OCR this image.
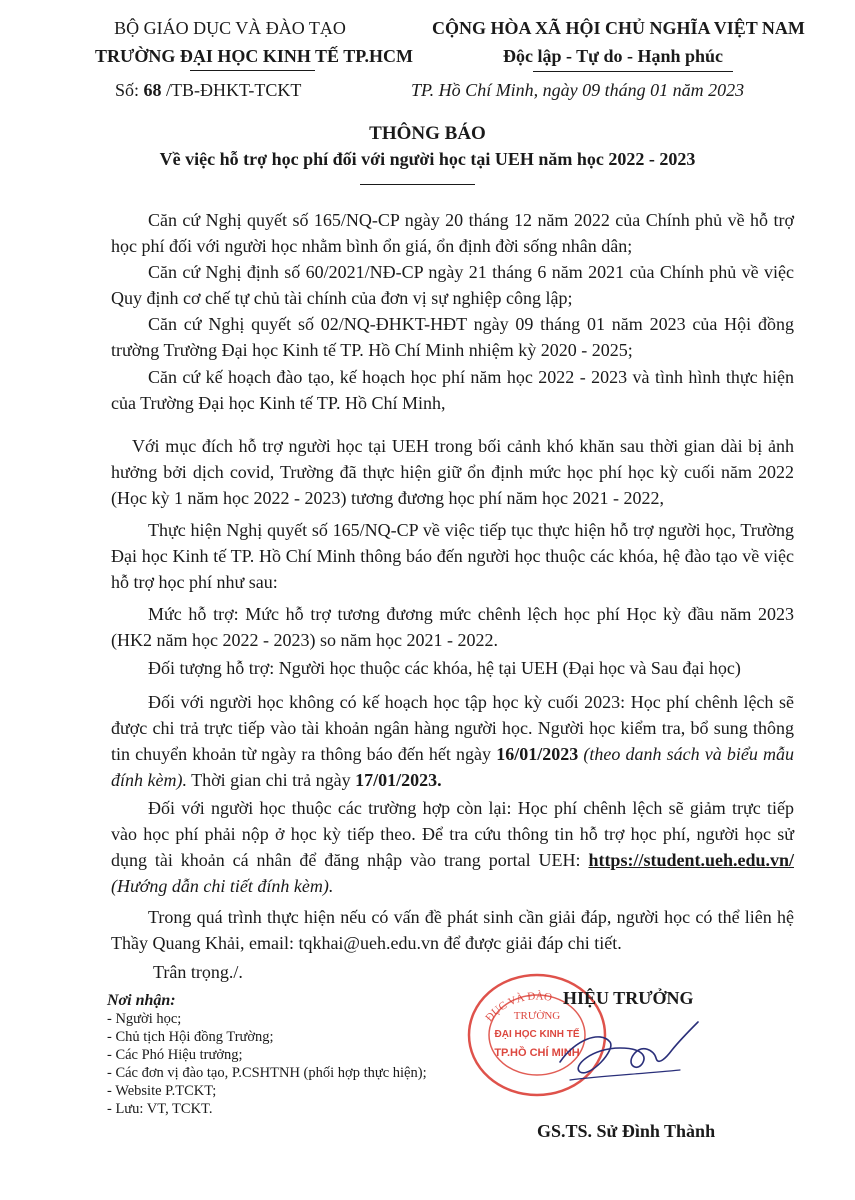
BỘ GIÁO DỤC VÀ ĐÀO TẠO
TRƯỜNG ĐẠI HỌC KINH TẾ TP.HCM
Số: 68 /TB-ĐHKT-TCKT
CỘNG HÒA XÃ HỘI CHỦ NGHĨA VIỆT NAM
Độc lập - Tự do - Hạnh phúc
TP. Hồ Chí Minh, ngày 09 tháng 01 năm 2023
THÔNG BÁO
Về việc hỗ trợ học phí đối với người học tại UEH năm học 2022 - 2023
Căn cứ Nghị quyết số 165/NQ-CP ngày 20 tháng 12 năm 2022 của Chính phủ về hỗ trợ học phí đối với người học nhằm bình ổn giá, ổn định đời sống nhân dân;
Căn cứ Nghị định số 60/2021/NĐ-CP ngày 21 tháng 6 năm 2021 của Chính phủ về việc Quy định cơ chế tự chủ tài chính của đơn vị sự nghiệp công lập;
Căn cứ Nghị quyết số 02/NQ-ĐHKT-HĐT ngày 09 tháng 01 năm 2023 của Hội đồng trường Trường Đại học Kinh tế TP. Hồ Chí Minh nhiệm kỳ 2020 - 2025;
Căn cứ kế hoạch đào tạo, kế hoạch học phí năm học 2022 - 2023 và tình hình thực hiện của Trường Đại học Kinh tế TP. Hồ Chí Minh,
Với mục đích hỗ trợ người học tại UEH trong bối cảnh khó khăn sau thời gian dài bị ảnh hưởng bởi dịch covid, Trường đã thực hiện giữ ổn định mức học phí học kỳ cuối năm 2022 (Học kỳ 1 năm học 2022 - 2023) tương đương học phí năm học 2021 - 2022,
Thực hiện Nghị quyết số 165/NQ-CP về việc tiếp tục thực hiện hỗ trợ người học, Trường Đại học Kinh tế TP. Hồ Chí Minh thông báo đến người học thuộc các khóa, hệ đào tạo về việc hỗ trợ học phí như sau:
Mức hỗ trợ: Mức hỗ trợ tương đương mức chênh lệch học phí Học kỳ đầu năm 2023 (HK2 năm học 2022 - 2023) so năm học 2021 - 2022.
Đối tượng hỗ trợ: Người học thuộc các khóa, hệ tại UEH (Đại học và Sau đại học)
Đối với người học không có kế hoạch học tập học kỳ cuối 2023: Học phí chênh lệch sẽ được chi trả trực tiếp vào tài khoản ngân hàng người học. Người học kiểm tra, bổ sung thông tin chuyển khoản từ ngày ra thông báo đến hết ngày 16/01/2023 (theo danh sách và biểu mẫu đính kèm). Thời gian chi trả ngày 17/01/2023.
Đối với người học thuộc các trường hợp còn lại: Học phí chênh lệch sẽ giảm trực tiếp vào học phí phải nộp ở học kỳ tiếp theo. Để tra cứu thông tin hỗ trợ học phí, người học sử dụng tài khoản cá nhân để đăng nhập vào trang portal UEH: https://student.ueh.edu.vn/ (Hướng dẫn chi tiết đính kèm).
Trong quá trình thực hiện nếu có vấn đề phát sinh cần giải đáp, người học có thể liên hệ Thầy Quang Khải, email: tqkhai@ueh.edu.vn để được giải đáp chi tiết.
Trân trọng./.
Nơi nhận:
- Người học;
- Chủ tịch Hội đồng Trường;
- Các Phó Hiệu trưởng;
- Các đơn vị đào tạo, P.CSHTNH (phối hợp thực hiện);
- Website P.TCKT;
- Lưu: VT, TCKT.
ĐỤC VÀ ĐÀO
TRƯỜNG
ĐẠI HỌC KINH TẾ
TP.HỒ CHÍ MINH
HIỆU TRƯỞNG
GS.TS. Sử Đình Thành
